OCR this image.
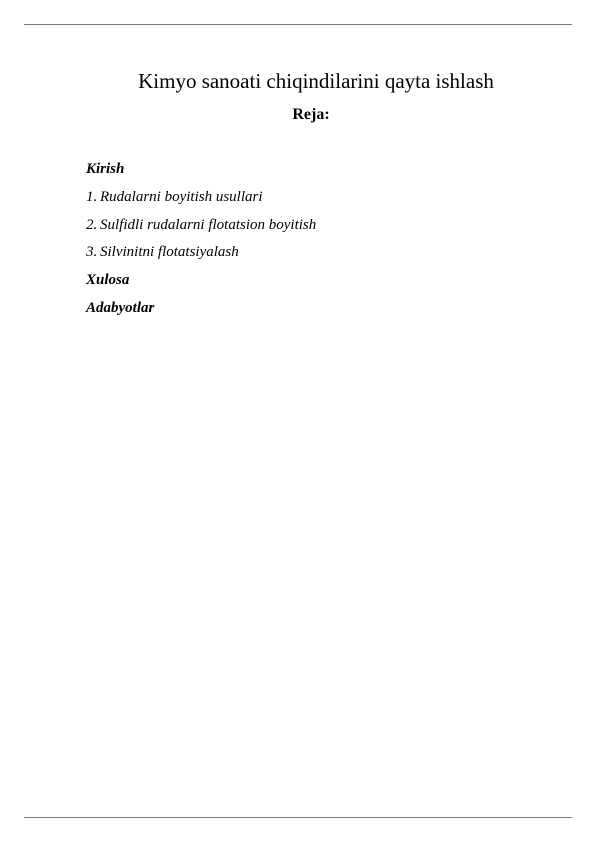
Kimyo sanoati chiqindilarini qayta ishlash
Reja:
Kirish
1. Rudalarni boyitish usullari
2. Sulfidli rudalarni flotatsion boyitish
3. Silvinitni flotatsiyalash
Xulosa
Adabyotlar
